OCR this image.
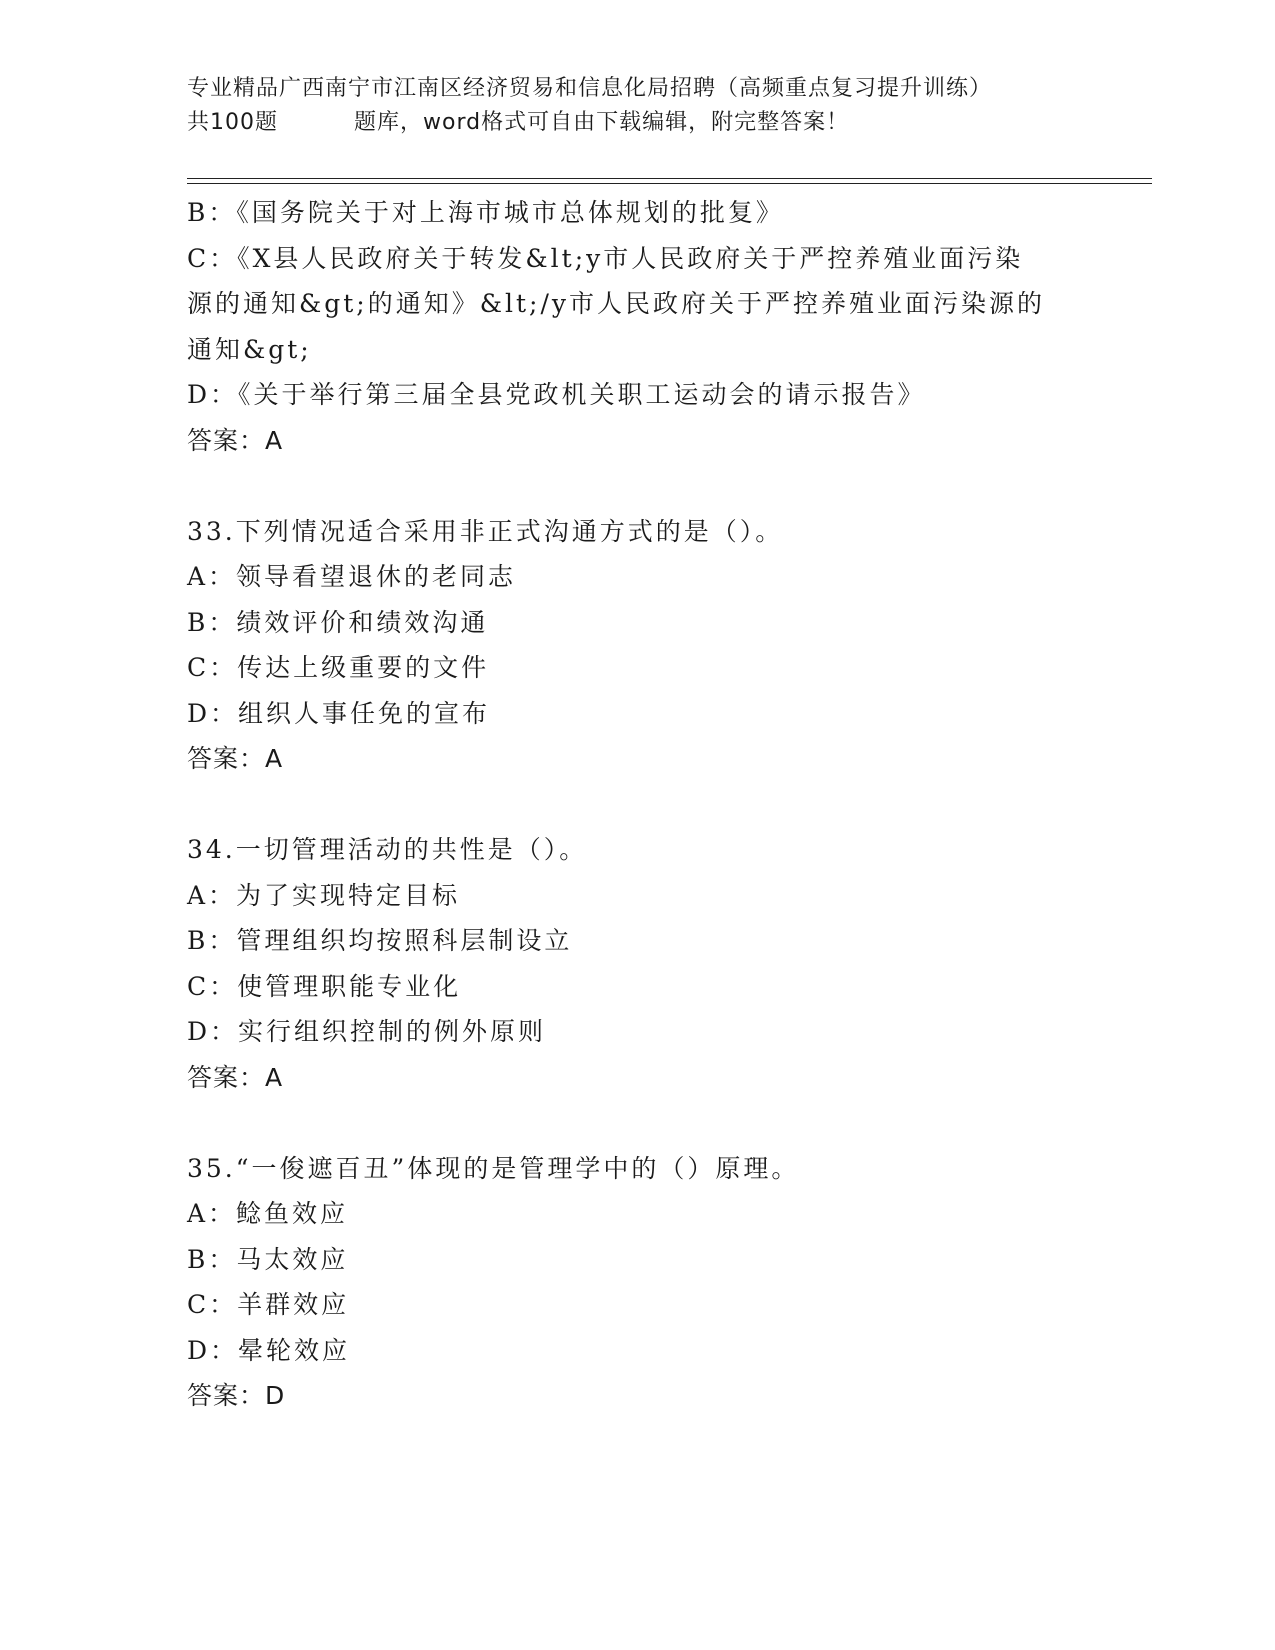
专业精品广西南宁市江南区经济贸易和信息化局招聘（高频重点复习提升训练）
共100题	题库，word格式可自由下载编辑，附完整答案！
B：《国务院关于对上海市城市总体规划的批复》
C：《X县人民政府关于转发&lt;y市人民政府关于严控养殖业面污染
源的通知&gt;的通知》&lt;/y市人民政府关于严控养殖业面污染源的
通知&gt;
D：《关于举行第三届全县党政机关职工运动会的请示报告》
答案：A
33.下列情况适合采用非正式沟通方式的是（）。
A：领导看望退休的老同志
B：绩效评价和绩效沟通
C：传达上级重要的文件
D：组织人事任免的宣布
答案：A
34.一切管理活动的共性是（）。
A：为了实现特定目标
B：管理组织均按照科层制设立
C：使管理职能专业化
D：实行组织控制的例外原则
答案：A
35.“一俊遮百丑”体现的是管理学中的（）原理。
A：鲶鱼效应
B：马太效应
C：羊群效应
D：晕轮效应
答案：D
